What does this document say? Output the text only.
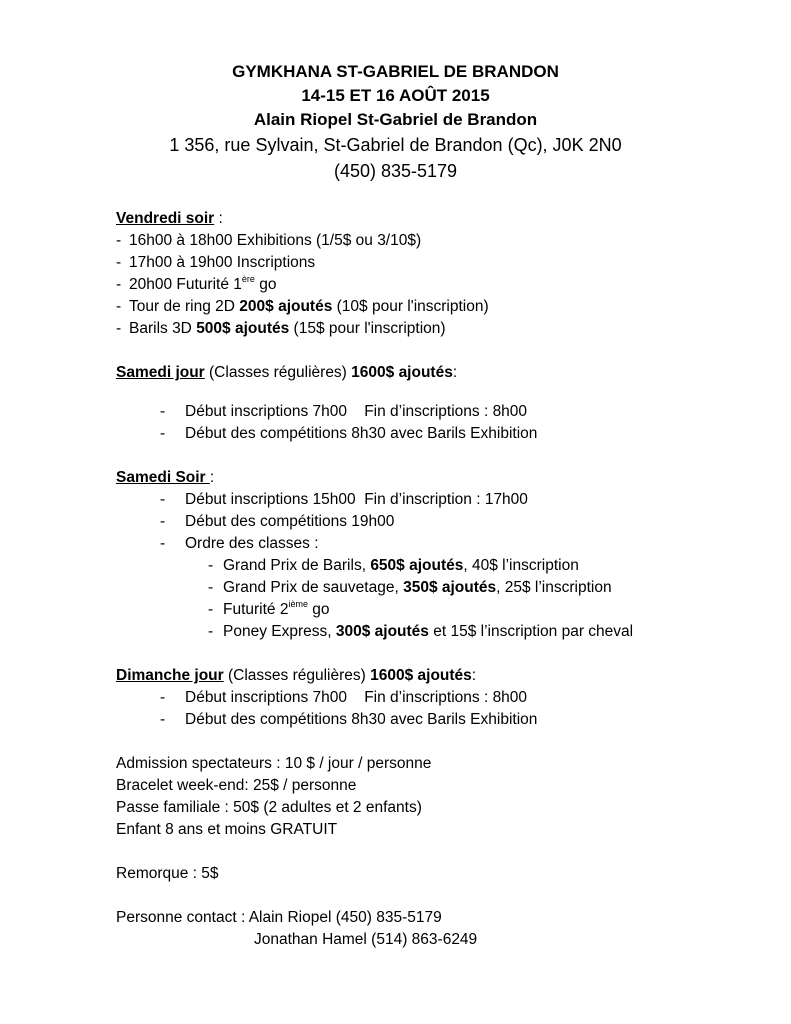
GYMKHANA ST-GABRIEL DE BRANDON

14-15 ET 16 AOÛT 2015

Alain Riopel St-Gabriel de Brandon

1 356, rue Sylvain, St-Gabriel de Brandon (Qc), J0K 2N0

(450) 835-5179

Vendredi soir :
- 16h00 à 18h00 Exhibitions (1/5$ ou 3/10$)
- 17h00 à 19h00 Inscriptions
- 20h00 Futurité 1ère go
- Tour de ring 2D 200$ ajoutés (10$ pour l'inscription)
- Barils 3D 500$ ajoutés (15$ pour l'inscription)
Samedi jour (Classes régulières) 1600$ ajoutés:
- Début inscriptions 7h00    Fin d’inscriptions : 8h00
- Début des compétitions 8h30 avec Barils Exhibition
Samedi Soir :
- Début inscriptions 15h00  Fin d’inscription : 17h00
- Début des compétitions 19h00
- Ordre des classes :
- Grand Prix de Barils, 650$ ajoutés, 40$ l’inscription
- Grand Prix de sauvetage, 350$ ajoutés, 25$ l’inscription
- Futurité 2ième go
- Poney Express, 300$ ajoutés et 15$ l’inscription par cheval
Dimanche jour (Classes régulières) 1600$ ajoutés:
- Début inscriptions 7h00    Fin d’inscriptions : 8h00
- Début des compétitions 8h30 avec Barils Exhibition
Admission spectateurs : 10 $ / jour / personne
Bracelet week-end: 25$ / personne
Passe familiale : 50$ (2 adultes et 2 enfants)
Enfant 8 ans et moins GRATUIT
Remorque : 5$
Personne contact : Alain Riopel (450) 835-5179
Jonathan Hamel (514) 863-6249
